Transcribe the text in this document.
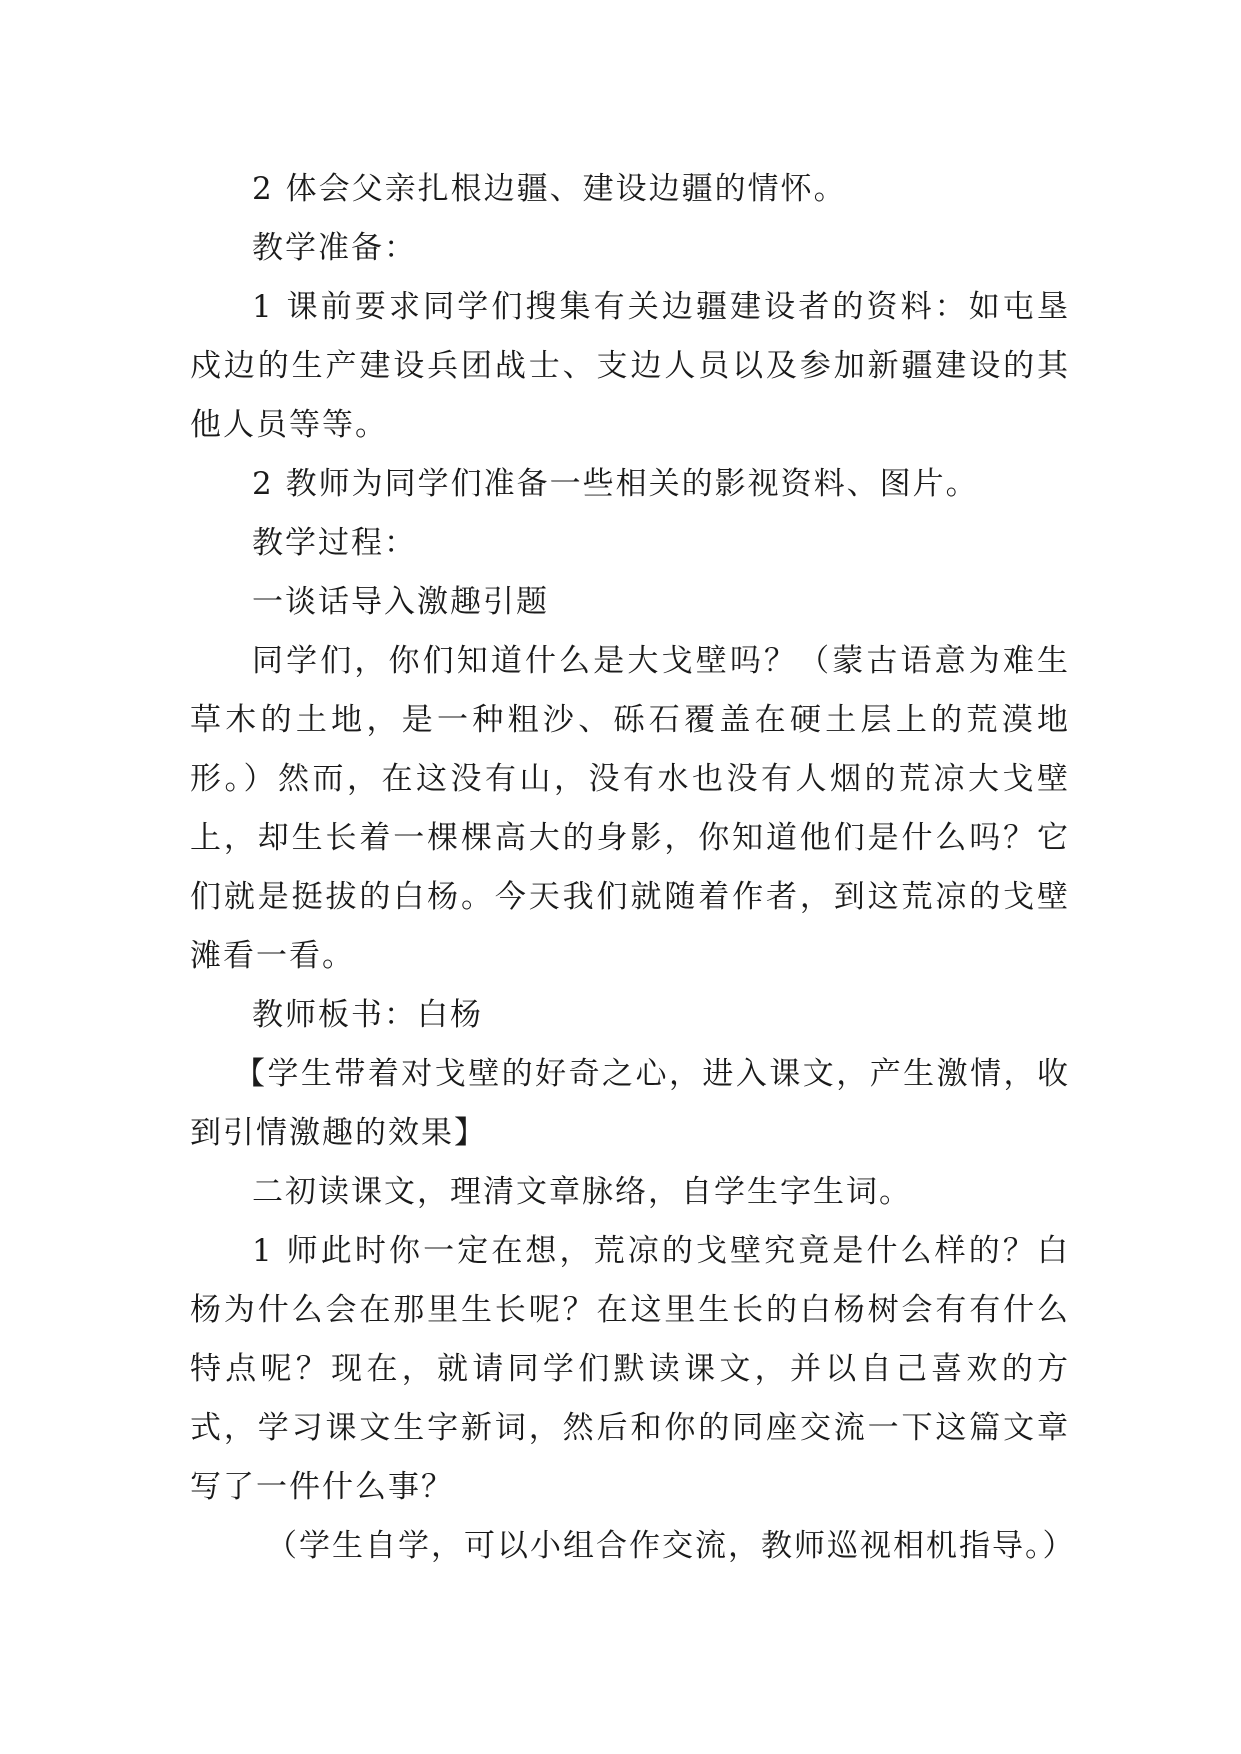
2 体会父亲扎根边疆、建设边疆的情怀。

教学准备：

1 课前要求同学们搜集有关边疆建设者的资料：如屯垦戍边的生产建设兵团战士、支边人员以及参加新疆建设的其他人员等等。

2 教师为同学们准备一些相关的影视资料、图片。

教学过程：

一谈话导入激趣引题

同学们，你们知道什么是大戈壁吗？（蒙古语意为难生草木的土地，是一种粗沙、砾石覆盖在硬土层上的荒漠地形。）然而，在这没有山，没有水也没有人烟的荒凉大戈壁上，却生长着一棵棵高大的身影，你知道他们是什么吗？它们就是挺拔的白杨。今天我们就随着作者，到这荒凉的戈壁滩看一看。

教师板书：白杨

【学生带着对戈壁的好奇之心，进入课文，产生激情，收到引情激趣的效果】

二初读课文，理清文章脉络，自学生字生词。

1 师此时你一定在想，荒凉的戈壁究竟是什么样的？白杨为什么会在那里生长呢？在这里生长的白杨树会有有什么特点呢？现在，就请同学们默读课文，并以自己喜欢的方式，学习课文生字新词，然后和你的同座交流一下这篇文章写了一件什么事？

（学生自学，可以小组合作交流，教师巡视相机指导。）
